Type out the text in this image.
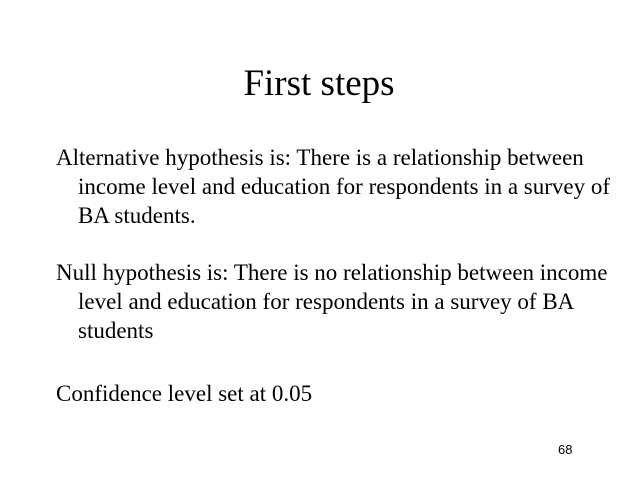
First steps

Alternative hypothesis is: There is a relationship between income level and education for respondents in a survey of BA students.

Null hypothesis is: There is no relationship between income level and education for respondents in a survey of BA students

Confidence level set at 0.05

68
